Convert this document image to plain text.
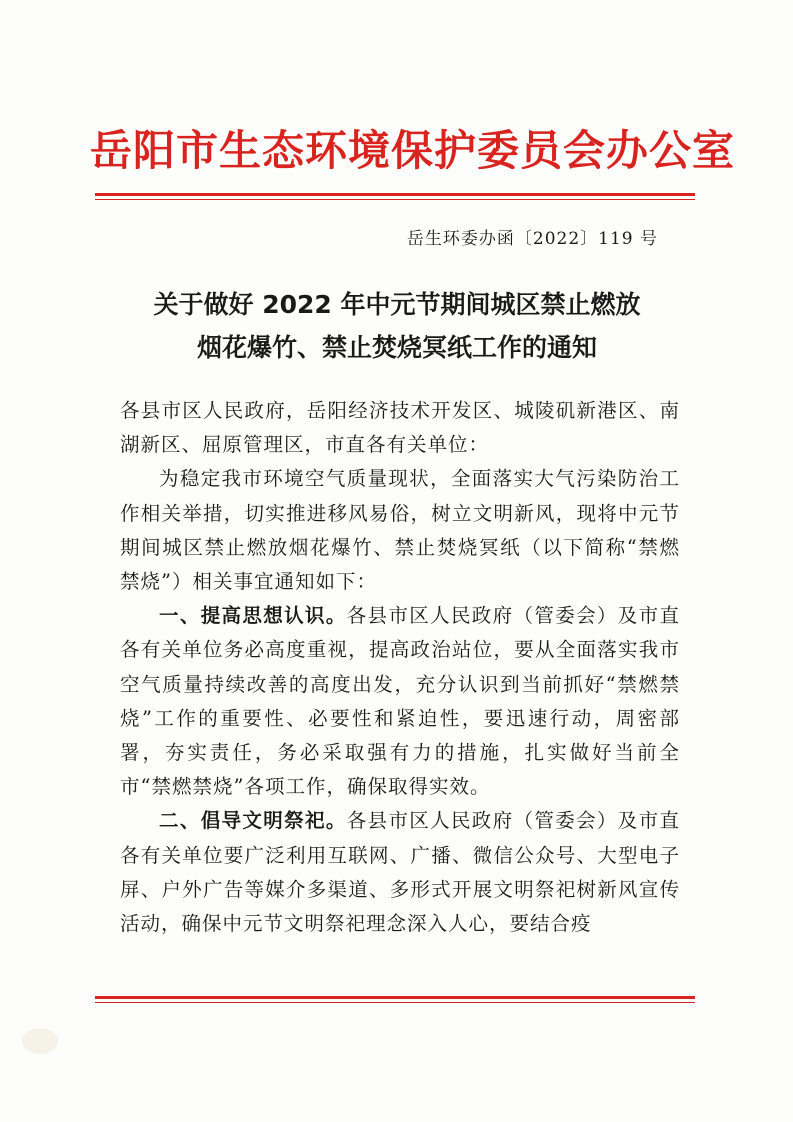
岳阳市生态环境保护委员会办公室
岳生环委办函〔2022〕119 号
关于做好 2022 年中元节期间城区禁止燃放
烟花爆竹、禁止焚烧冥纸工作的通知

各县市区人民政府，岳阳经济技术开发区、城陵矶新港区、南湖新区、屈原管理区，市直各有关单位：

为稳定我市环境空气质量现状，全面落实大气污染防治工作相关举措，切实推进移风易俗，树立文明新风，现将中元节期间城区禁止燃放烟花爆竹、禁止焚烧冥纸（以下简称“禁燃禁烧”）相关事宜通知如下：

一、提高思想认识。各县市区人民政府（管委会）及市直各有关单位务必高度重视，提高政治站位，要从全面落实我市空气质量持续改善的高度出发，充分认识到当前抓好“禁燃禁烧”工作的重要性、必要性和紧迫性，要迅速行动，周密部署，夯实责任，务必采取强有力的措施，扎实做好当前全市“禁燃禁烧”各项工作，确保取得实效。

二、倡导文明祭祀。各县市区人民政府（管委会）及市直各有关单位要广泛利用互联网、广播、微信公众号、大型电子屏、户外广告等媒介多渠道、多形式开展文明祭祀树新风宣传活动，确保中元节文明祭祀理念深入人心，要结合疫
